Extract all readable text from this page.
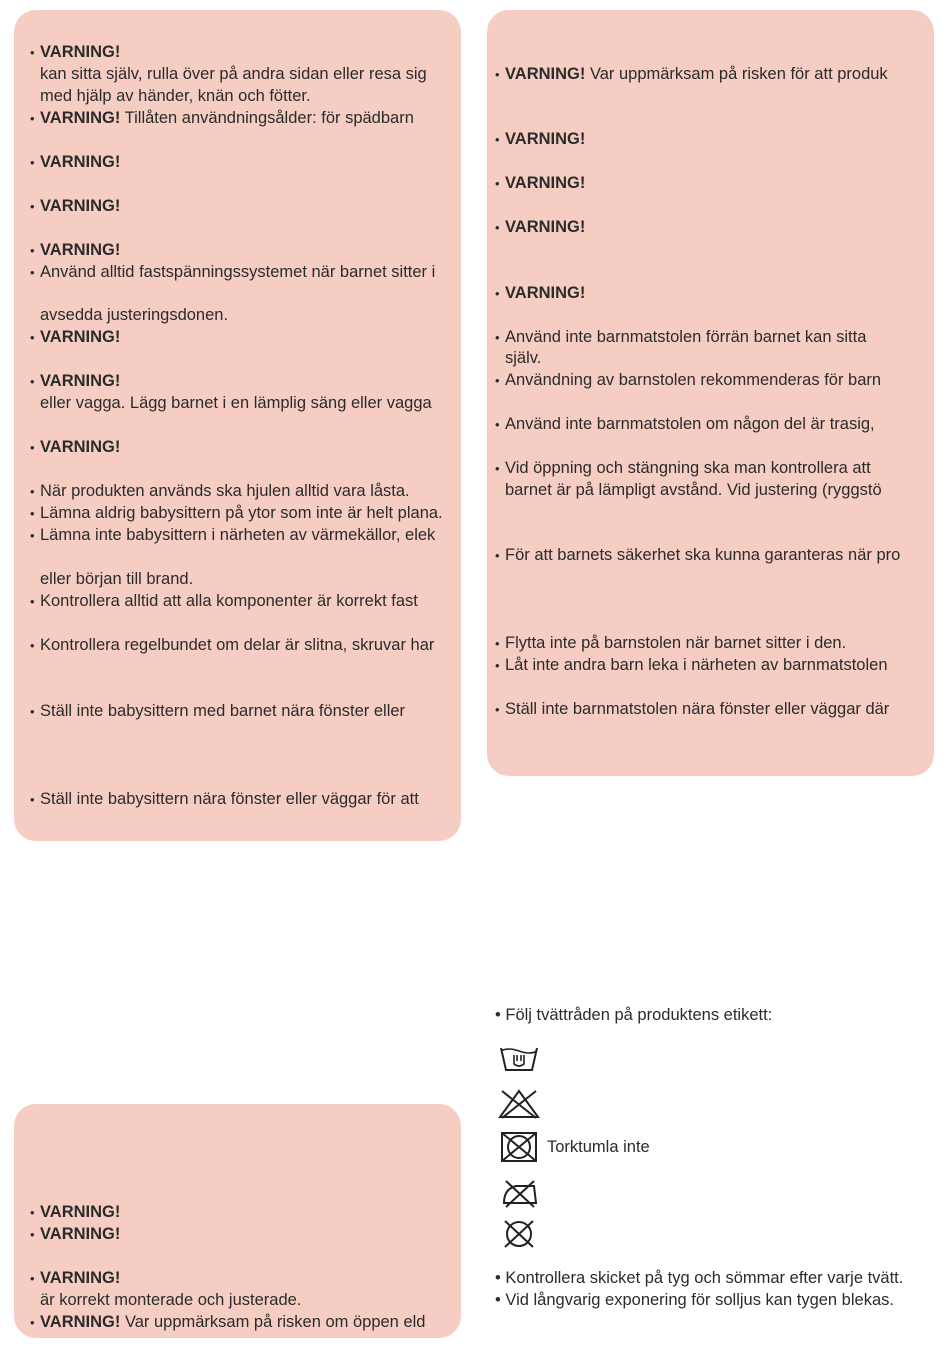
• VARNING!
kan sitta själv, rulla över på andra sidan eller resa sig
med hjälp av händer, knän och fötter.
• VARNING! Tillåten användningsålder: för spädbarn
• VARNING!
• VARNING!
• VARNING!
• Använd alltid fastspänningssystemet när barnet sitter i
avsedda justeringsdonen.
• VARNING!
• VARNING!
eller vagga. Lägg barnet i en lämplig säng eller vagga
• VARNING!
• När produkten används ska hjulen alltid vara låsta.
• Lämna aldrig babysittern på ytor som inte är helt plana.
• Lämna inte babysittern i närheten av värmekällor, elek
eller början till brand.
• Kontrollera alltid att alla komponenter är korrekt fast
• Kontrollera regelbundet om delar är slitna, skruvar har
• Ställ inte babysittern med barnet nära fönster eller
• Ställ inte babysittern nära fönster eller väggar för att
• VARNING! Var uppmärksam på risken för att produk
• VARNING!
• VARNING!
• VARNING!
• VARNING!
• Använd inte barnmatstolen förrän barnet kan sitta
själv.
• Användning av barnstolen rekommenderas för barn
• Använd inte barnmatstolen om någon del är trasig,
• Vid öppning och stängning ska man kontrollera att
barnet är på lämpligt avstånd. Vid justering (ryggstö
• För att barnets säkerhet ska kunna garanteras när pro
• Flytta inte på barnstolen när barnet sitter i den.
• Låt inte andra barn leka i närheten av barnmatstolen
• Ställ inte barnmatstolen nära fönster eller väggar där
• VARNING!
• VARNING!
• VARNING!
är korrekt monterade och justerade.
• VARNING! Var uppmärksam på risken om öppen eld
• Följ tvättråden på produktens etikett:
Torktumla inte
• Kontrollera skicket på tyg och sömmar efter varje tvätt.
• Vid långvarig exponering för solljus kan tygen blekas.
